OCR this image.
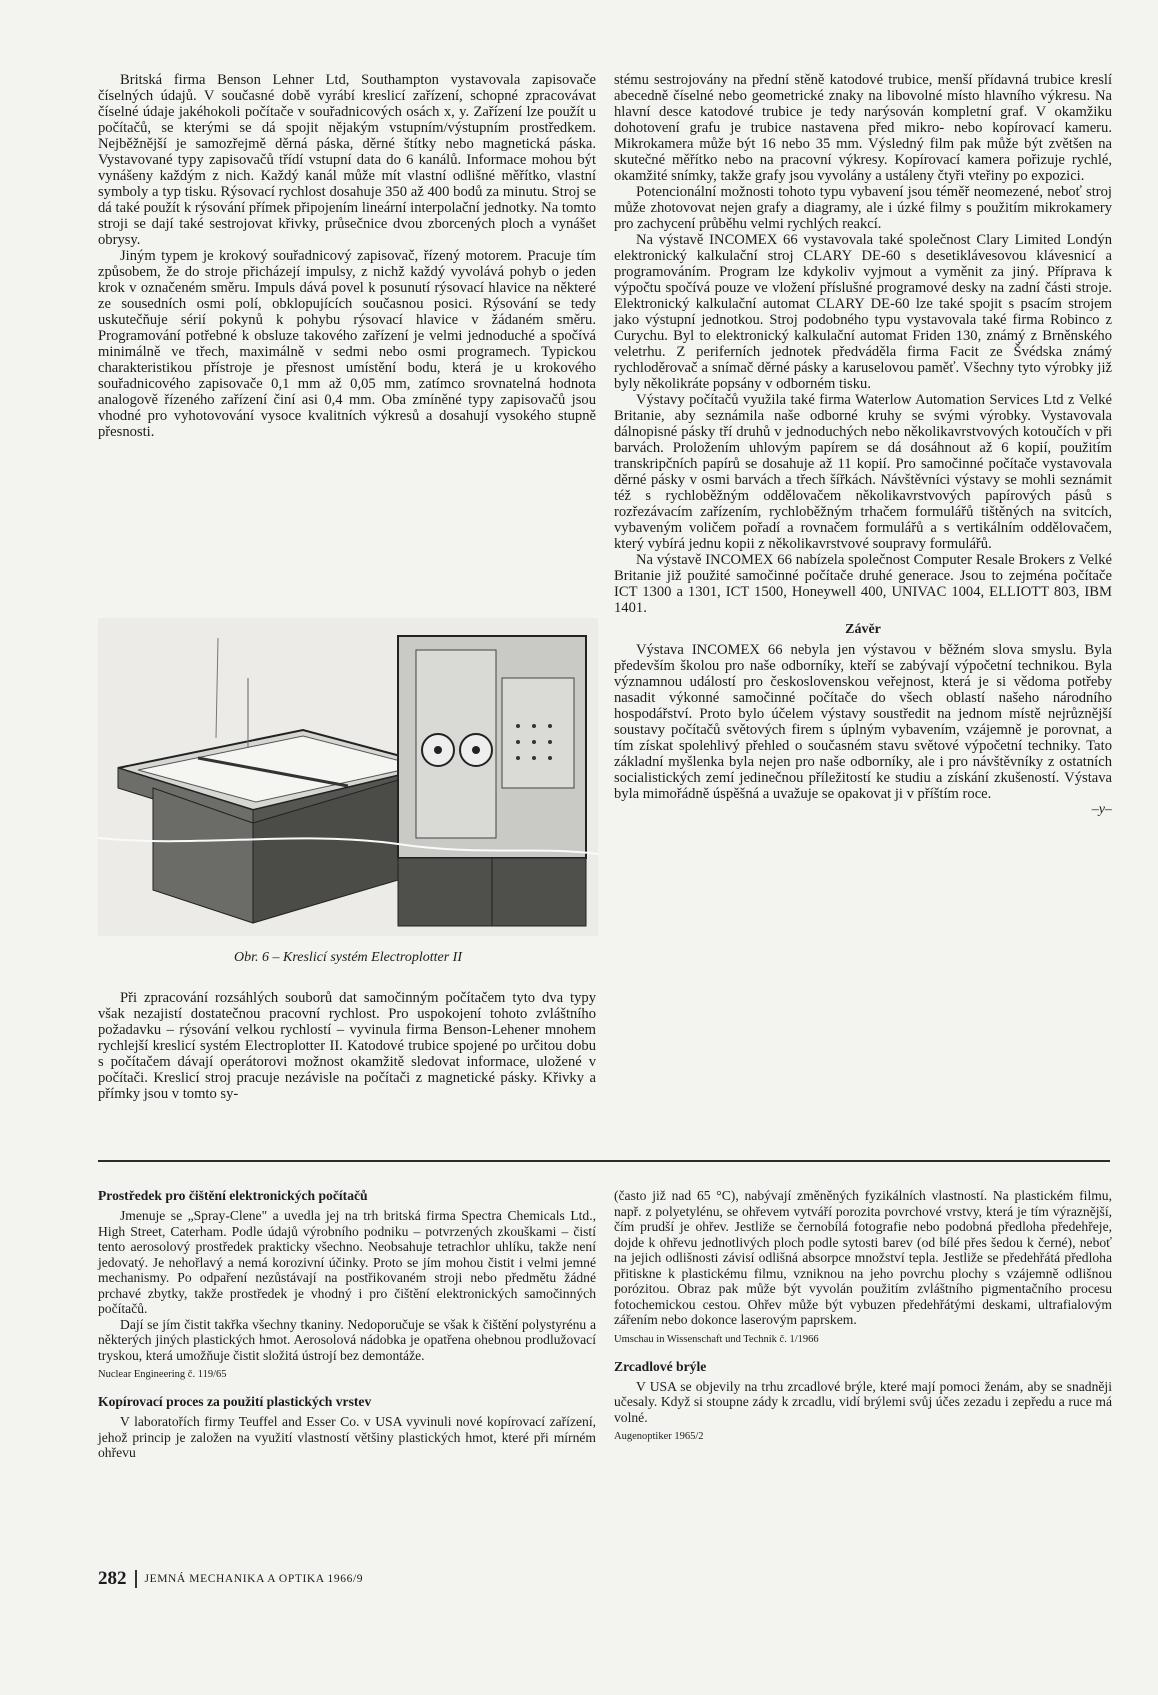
Britská firma Benson Lehner Ltd, Southampton vystavovala zapisovače číselných údajů. V současné době vyrábí kreslicí zařízení, schopné zpracovávat číselné údaje jakéhokoli počítače v souřadnicových osách x, y. Zařízení lze použít u počítačů, se kterými se dá spojit nějakým vstupním/výstupním prostředkem. Nejběžnější je samozřejmě děrná páska, děrné štítky nebo magnetická páska. Vystavované typy zapisovačů třídí vstupní data do 6 kanálů. Informace mohou být vynášeny každým z nich. Každý kanál může mít vlastní odlišné měřítko, vlastní symboly a typ tisku. Rýsovací rychlost dosahuje 350 až 400 bodů za minutu. Stroj se dá také použít k rýsování přímek připojením lineární interpolační jednotky. Na tomto stroji se dají také sestrojovat křivky, průsečnice dvou zborcených ploch a vynášet obrysy.

Jiným typem je krokový souřadnicový zapisovač, řízený motorem. Pracuje tím způsobem, že do stroje přicházejí impulsy, z nichž každý vyvolává pohyb o jeden krok v označeném směru. Impuls dává povel k posunutí rýsovací hlavice na některé ze sousedních osmi polí, obklopujících současnou posici. Rýsování se tedy uskutečňuje sérií pokynů k pohybu rýsovací hlavice v žádaném směru. Programování potřebné k obsluze takového zařízení je velmi jednoduché a spočívá minimálně ve třech, maximálně v sedmi nebo osmi programech. Typickou charakteristikou přístroje je přesnost umístění bodu, která je u krokového souřadnicového zapisovače 0,1 mm až 0,05 mm, zatímco srovnatelná hodnota analogově řízeného zařízení činí asi 0,4 mm. Oba zmíněné typy zapisovačů jsou vhodné pro vyhotovování vysoce kvalitních výkresů a dosahují vysokého stupně přesnosti.

Obr. 6 – Kreslicí systém Electroplotter II

Při zpracování rozsáhlých souborů dat samočinným počítačem tyto dva typy však nezajistí dostatečnou pracovní rychlost. Pro uspokojení tohoto zvláštního požadavku – rýsování velkou rychlostí – vyvinula firma Benson-Lehener mnohem rychlejší kreslicí systém Electroplotter II. Katodové trubice spojené po určitou dobu s počítačem dávají operátorovi možnost okamžitě sledovat informace, uložené v počítači. Kreslicí stroj pracuje nezávisle na počítači z magnetické pásky. Křivky a přímky jsou v tomto sy-

stému sestrojovány na přední stěně katodové trubice, menší přídavná trubice kreslí abecedně číselné nebo geometrické znaky na libovolné místo hlavního výkresu. Na hlavní desce katodové trubice je tedy narýsován kompletní graf. V okamžiku dohotovení grafu je trubice nastavena před mikro- nebo kopírovací kameru. Mikrokamera může být 16 nebo 35 mm. Výsledný film pak může být zvětšen na skutečné měřítko nebo na pracovní výkresy. Kopírovací kamera pořizuje rychlé, okamžité snímky, takže grafy jsou vyvolány a ustáleny čtyři vteřiny po expozici.

Potencionální možnosti tohoto typu vybavení jsou téměř neomezené, neboť stroj může zhotovovat nejen grafy a diagramy, ale i úzké filmy s použitím mikrokamery pro zachycení průběhu velmi rychlých reakcí.

Na výstavě INCOMEX 66 vystavovala také společnost Clary Limited Londýn elektronický kalkulační stroj CLARY DE-60 s desetiklávesovou klávesnicí a programováním. Program lze kdykoliv vyjmout a vyměnit za jiný. Příprava k výpočtu spočívá pouze ve vložení příslušné programové desky na zadní části stroje. Elektronický kalkulační automat CLARY DE-60 lze také spojit s psacím strojem jako výstupní jednotkou. Stroj podobného typu vystavovala také firma Robinco z Curychu. Byl to elektronický kalkulační automat Friden 130, známý z Brněnského veletrhu. Z periferních jednotek předváděla firma Facit ze Švédska známý rychloděrovač a snímač děrné pásky a karuselovou paměť. Všechny tyto výrobky již byly několikráte popsány v odborném tisku.

Výstavy počítačů využila také firma Waterlow Automation Services Ltd z Velké Britanie, aby seznámila naše odborné kruhy se svými výrobky. Vystavovala dálnopisné pásky tří druhů v jednoduchých nebo několikavrstvových kotoučích v při barvách. Proložením uhlovým papírem se dá dosáhnout až 6 kopií, použitím transkripčních papírů se dosahuje až 11 kopií. Pro samočinné počítače vystavovala děrné pásky v osmi barvách a třech šířkách. Návštěvníci výstavy se mohli seznámit též s rychloběžným oddělovačem několikavrstvových papírových pásů s rozřezávacím zařízením, rychloběžným trhačem formulářů tištěných na svitcích, vybaveným voličem pořadí a rovnačem formulářů a s vertikálním oddělovačem, který vybírá jednu kopii z několikavrstvové soupravy formulářů.

Na výstavě INCOMEX 66 nabízela společnost Computer Resale Brokers z Velké Britanie již použité samočinné počítače druhé generace. Jsou to zejména počítače ICT 1300 a 1301, ICT 1500, Honeywell 400, UNIVAC 1004, ELLIOTT 803, IBM 1401.

Závěr

Výstava INCOMEX 66 nebyla jen výstavou v běžném slova smyslu. Byla především školou pro naše odborníky, kteří se zabývají výpočetní technikou. Byla významnou událostí pro československou veřejnost, která je si vědoma potřeby nasadit výkonné samočinné počítače do všech oblastí našeho národního hospodářství. Proto bylo účelem výstavy soustředit na jednom místě nejrůznější soustavy počítačů světových firem s úplným vybavením, vzájemně je porovnat, a tím získat spolehlivý přehled o současném stavu světové výpočetní techniky. Tato základní myšlenka byla nejen pro naše odborníky, ale i pro návštěvníky z ostatních socialistických zemí jedinečnou příležitostí ke studiu a získání zkušeností. Výstava byla mimořádně úspěšná a uvažuje se opakovat ji v příštím roce.

–y–
Prostředek pro čištění elektronických počítačů

Jmenuje se „Spray-Clene" a uvedla jej na trh britská firma Spectra Chemicals Ltd., High Street, Caterham. Podle údajů výrobního podniku – potvrzených zkouškami – čistí tento aerosolový prostředek prakticky všechno. Neobsahuje tetrachlor uhlíku, takže není jedovatý. Je nehořlavý a nemá korozivní účinky. Proto se jím mohou čistit i velmi jemné mechanismy. Po odpaření nezůstávají na postřikovaném stroji nebo předmětu žádné prchavé zbytky, takže prostředek je vhodný i pro čištění elektronických samočinných počítačů.

Dají se jím čistit takřka všechny tkaniny. Nedoporučuje se však k čištění polystyrénu a některých jiných plastických hmot. Aerosolová nádobka je opatřena ohebnou prodlužovací tryskou, která umožňuje čistit složitá ústrojí bez demontáže.

Nuclear Engineering č. 119/65
Kopírovací proces za použití plastických vrstev

V laboratořích firmy Teuffel and Esser Co. v USA vyvinuli nové kopírovací zařízení, jehož princip je založen na využití vlastností většiny plastických hmot, které při mírném ohřevu

(často již nad 65 °C), nabývají změněných fyzikálních vlastností. Na plastickém filmu, např. z polyetylénu, se ohřevem vytváří porozita povrchové vrstvy, která je tím výraznější, čím prudší je ohřev. Jestliže se černobílá fotografie nebo podobná předloha předehřeje, dojde k ohřevu jednotlivých ploch podle sytosti barev (od bílé přes šedou k černé), neboť na jejich odlišnosti závisí odlišná absorpce množství tepla. Jestliže se předehřátá předloha přitiskne k plastickému filmu, vzniknou na jeho povrchu plochy s vzájemně odlišnou porózitou. Obraz pak může být vyvolán použitím zvláštního pigmentačního procesu fotochemickou cestou. Ohřev může být vybuzen předehřátými deskami, ultrafialovým zářením nebo dokonce laserovým paprskem.

Umschau in Wissenschaft und Technik č. 1/1966
Zrcadlové brýle

V USA se objevily na trhu zrcadlové brýle, které mají pomoci ženám, aby se snadněji učesaly. Když si stoupne zády k zrcadlu, vidí brýlemi svůj účes zezadu i zepředu a ruce má volné.

Augenoptiker 1965/2
282 JEMNÁ MECHANIKA A OPTIKA 1966/9
